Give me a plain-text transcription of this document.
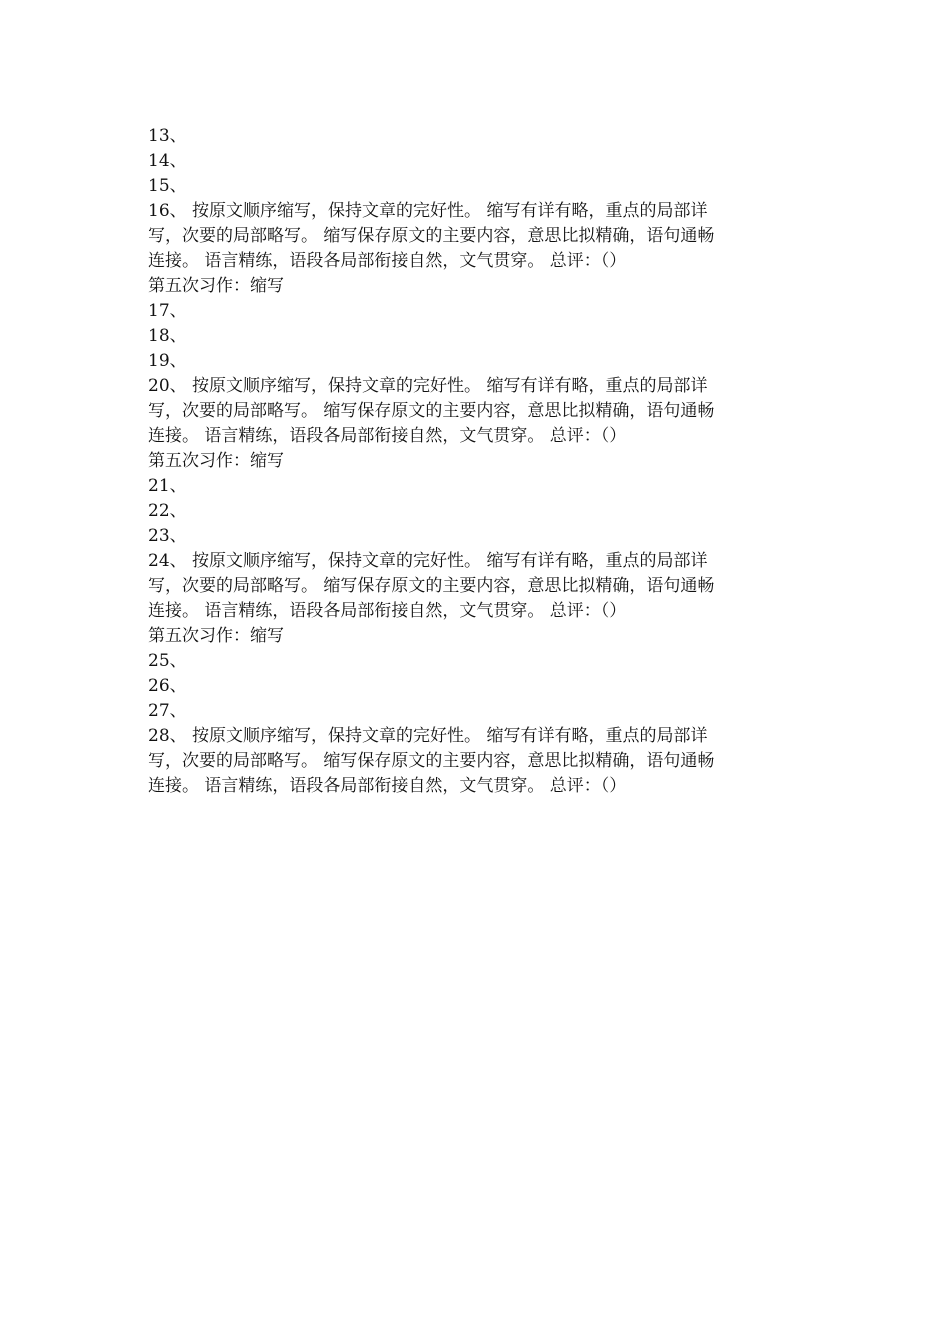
13、

14、

15、

16、 按原文顺序缩写，保持文章的完好性。 缩写有详有略，重点的局部详

写，次要的局部略写。 缩写保存原文的主要内容，意思比拟精确，语句通畅

连接。 语言精练，语段各局部衔接自然，文气贯穿。 总评：（）

第五次习作：缩写

17、

18、

19、

20、 按原文顺序缩写，保持文章的完好性。 缩写有详有略，重点的局部详

写，次要的局部略写。 缩写保存原文的主要内容，意思比拟精确，语句通畅

连接。 语言精练，语段各局部衔接自然，文气贯穿。 总评：（）

第五次习作：缩写

21、

22、

23、

24、 按原文顺序缩写，保持文章的完好性。 缩写有详有略，重点的局部详

写，次要的局部略写。 缩写保存原文的主要内容，意思比拟精确，语句通畅

连接。 语言精练，语段各局部衔接自然，文气贯穿。 总评：（）

第五次习作：缩写

25、

26、

27、

28、 按原文顺序缩写，保持文章的完好性。 缩写有详有略，重点的局部详

写，次要的局部略写。 缩写保存原文的主要内容，意思比拟精确，语句通畅

连接。 语言精练，语段各局部衔接自然，文气贯穿。 总评：（）
